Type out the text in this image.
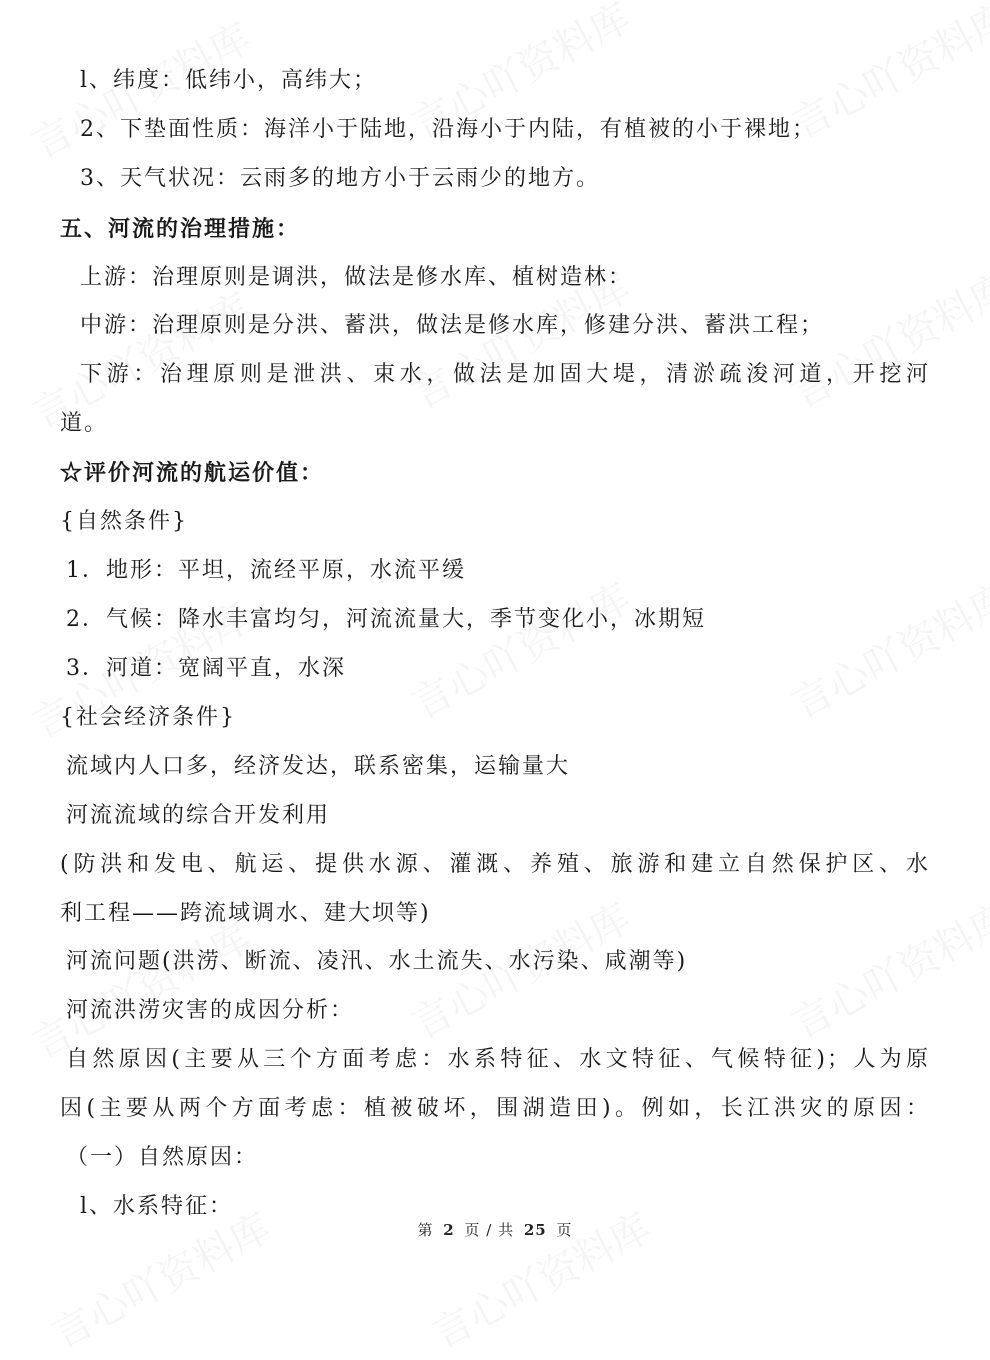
l、纬度：低纬小，高纬大；
2、下垫面性质：海洋小于陆地，沿海小于内陆，有植被的小于裸地；
3、天气状况：云雨多的地方小于云雨少的地方。
五、河流的治理措施：
上游：治理原则是调洪，做法是修水库、植树造林：
中游：治理原则是分洪、蓄洪，做法是修水库，修建分洪、蓄洪工程；
下游：治理原则是泄洪、束水，做法是加固大堤，清淤疏浚河道，开挖河
道。
☆评价河流的航运价值：
{自然条件}
1．地形：平坦，流经平原，水流平缓
2．气候：降水丰富均匀，河流流量大，季节变化小，冰期短
3．河道：宽阔平直，水深
{社会经济条件}
流域内人口多，经济发达，联系密集，运输量大
河流流域的综合开发利用
(防洪和发电、航运、提供水源、灌溉、养殖、旅游和建立自然保护区、水
利工程——跨流域调水、建大坝等)
河流问题(洪涝、断流、凌汛、水土流失、水污染、咸潮等)
河流洪涝灾害的成因分析：
自然原因(主要从三个方面考虑：水系特征、水文特征、气候特征)；人为原
因(主要从两个方面考虑：植被破坏，围湖造田)。例如，长江洪灾的原因：
（一）自然原因：
l、水系特征：
第 2 页 / 共 25 页
